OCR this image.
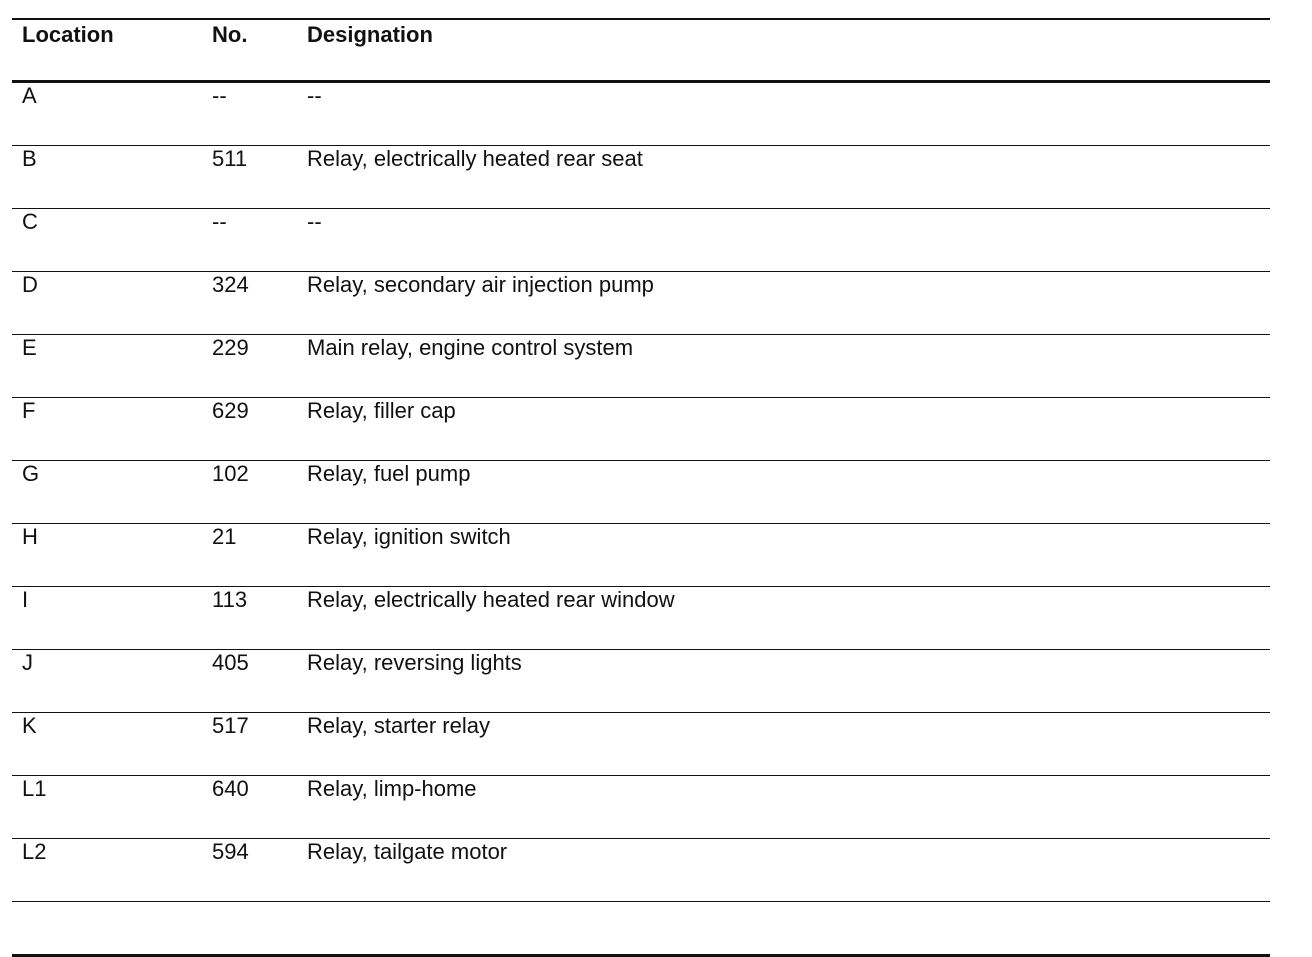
Location	No.	Designation
A	--	--
B	511	Relay, electrically heated rear seat
C	--	--
D	324	Relay, secondary air injection pump
E	229	Main relay, engine control system
F	629	Relay, filler cap
G	102	Relay, fuel pump
H	21	Relay, ignition switch
I	113	Relay, electrically heated rear window
J	405	Relay, reversing lights
K	517	Relay, starter relay
L1	640	Relay, limp-home
L2	594	Relay, tailgate motor
